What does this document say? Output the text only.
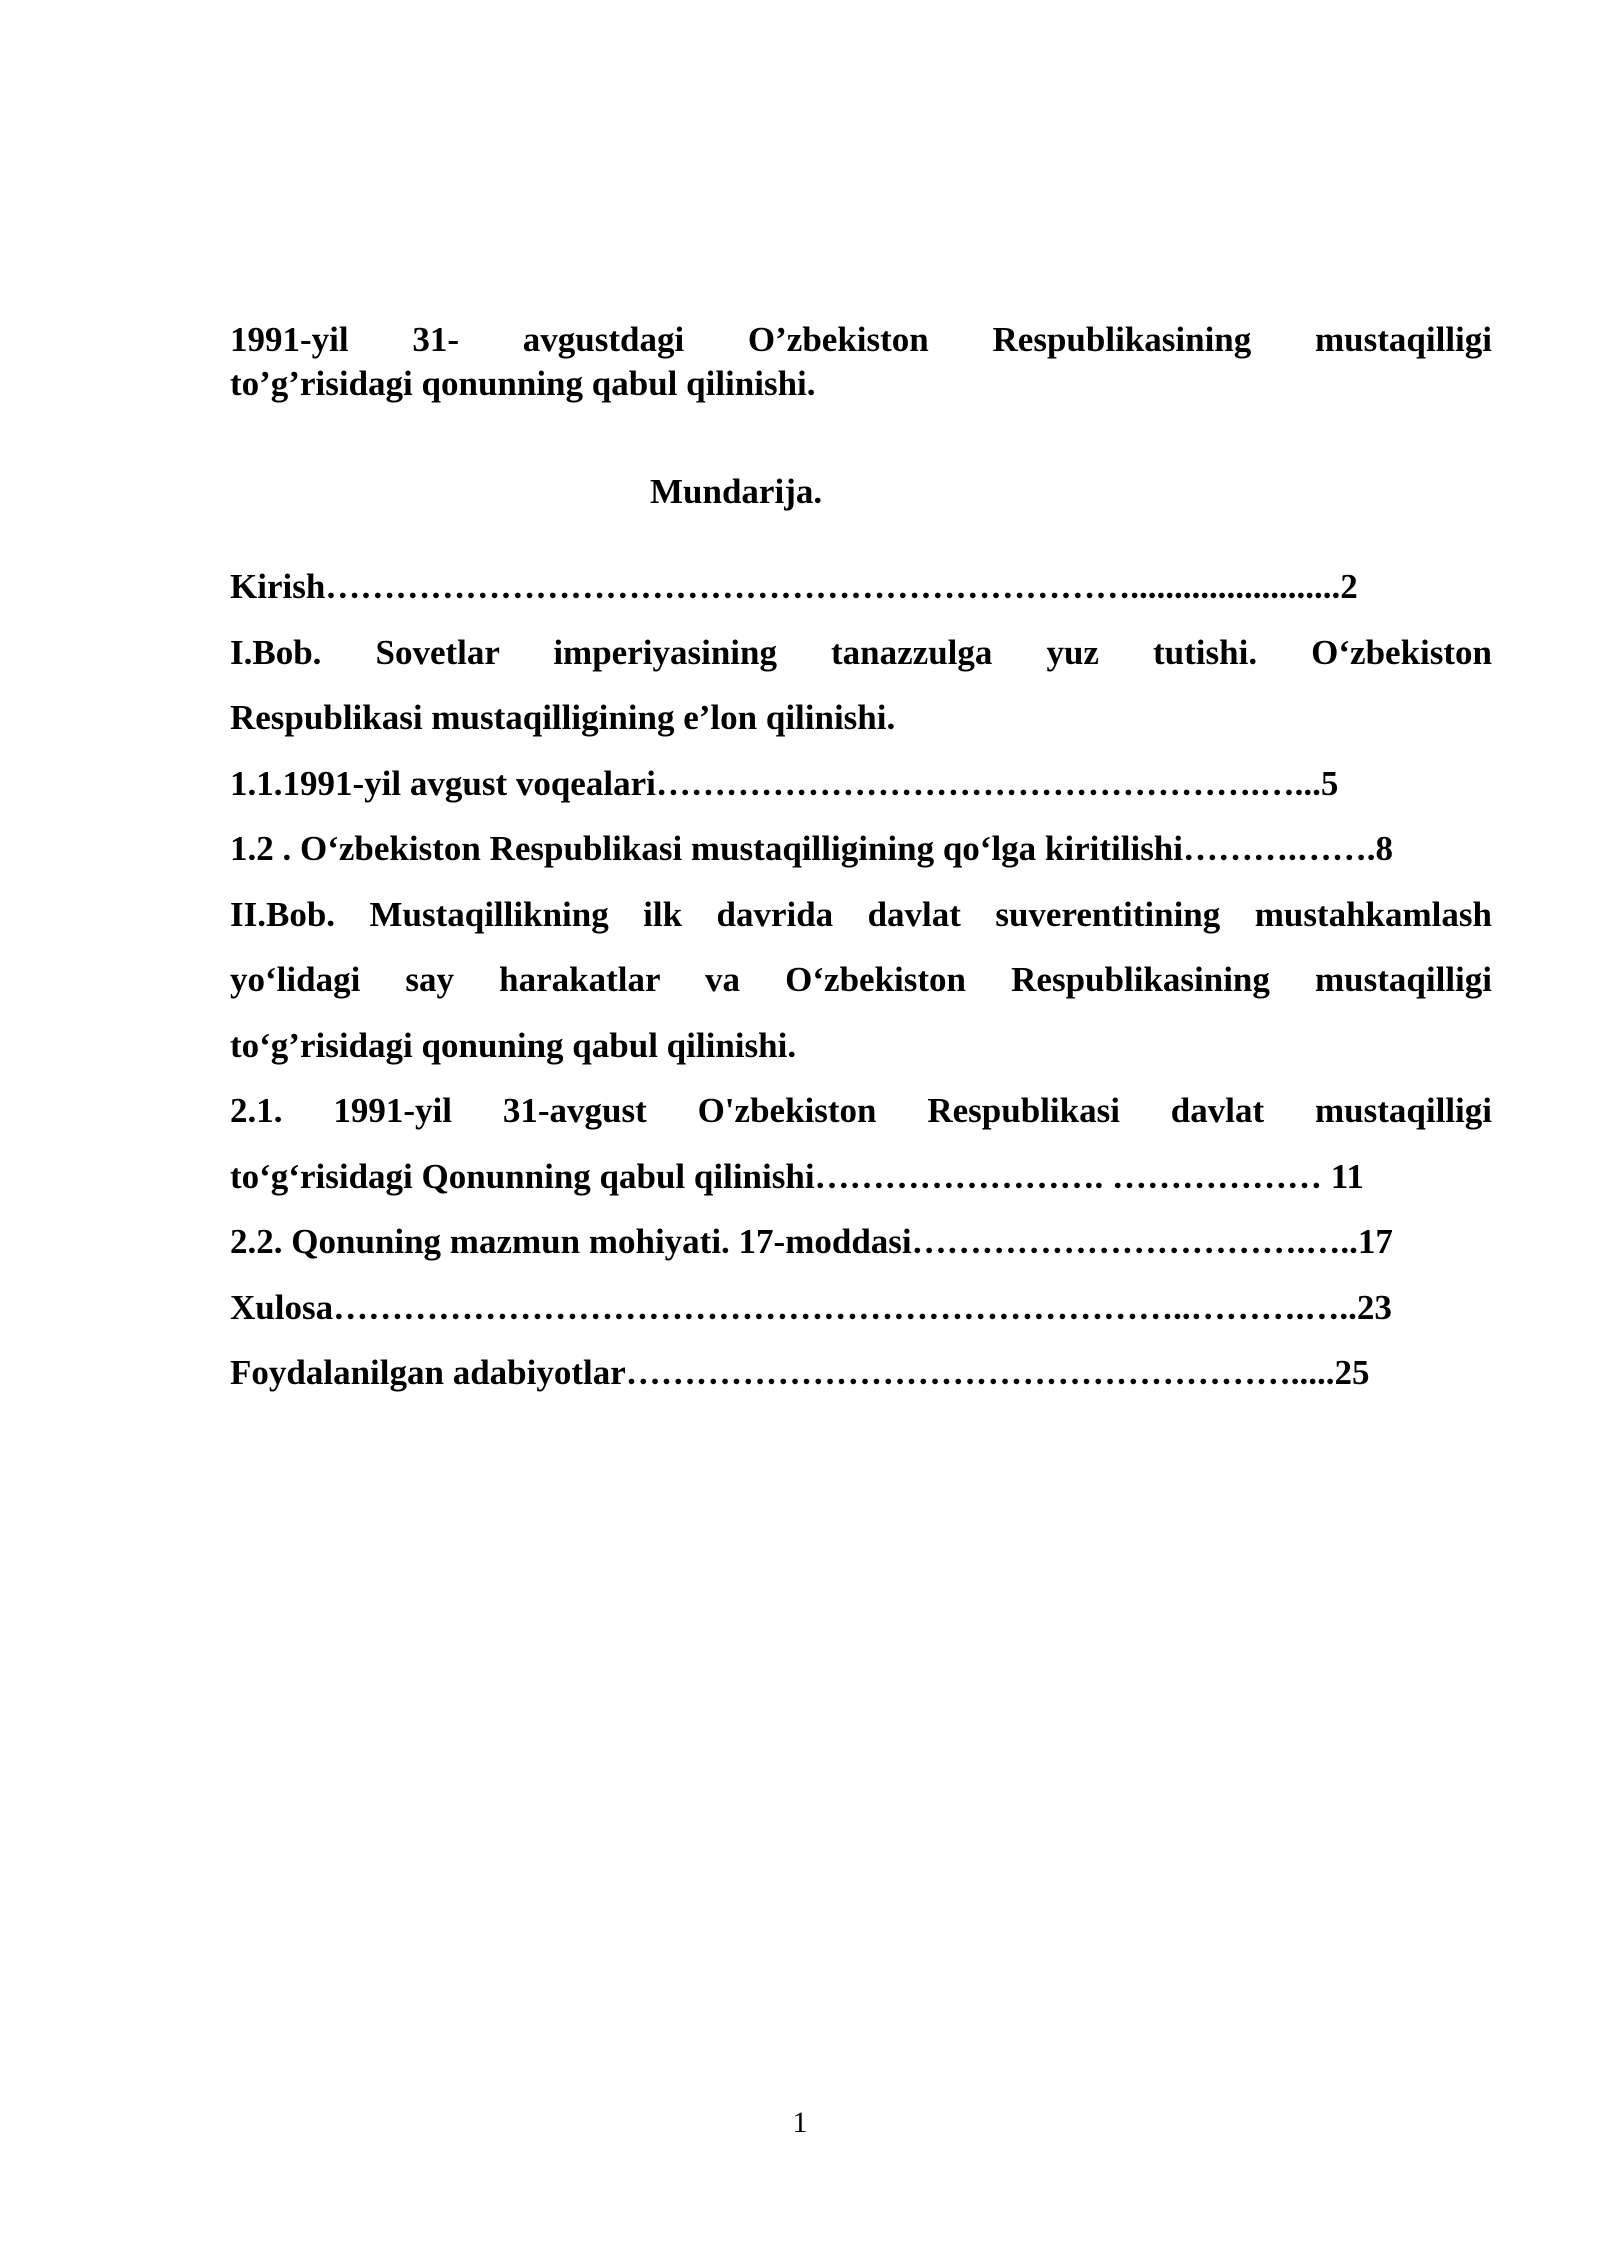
1991-yil 31- avgustdagi O’zbekiston Respublikasining mustaqilligi
to’g’risidagi qonunning qabul qilinishi.

Mundarija.

Kirish……………………………………………………………........................2
I.Bob. Sovetlar imperiyasining tanazzulga yuz tutishi. O‘zbekiston
Respublikasi mustaqilligining e’lon qilinishi.
1.1.1991-yil avgust voqealari…………………………………………….…...5
1.2 . O‘zbekiston Respublikasi mustaqilligining qo‘lga kiritilishi……….…….8
II.Bob. Mustaqillikning ilk davrida davlat suverentitining mustahkamlash
yo‘lidagi say harakatlar va O‘zbekiston Respublikasining mustaqilligi
to‘g’risidagi qonuning qabul qilinishi.
2.1. 1991-yil 31-avgust O'zbekiston Respublikasi davlat mustaqilligi
to‘g‘risidagi Qonunning qabul qilinishi……………………. ……………… 11
2.2. Qonuning mazmun mohiyati. 17-moddasi…………………………….…..17
Xulosa………………………………………………………………..……….…..23
Foydalanilgan adabiyotlar………………………………………………….....25
1
